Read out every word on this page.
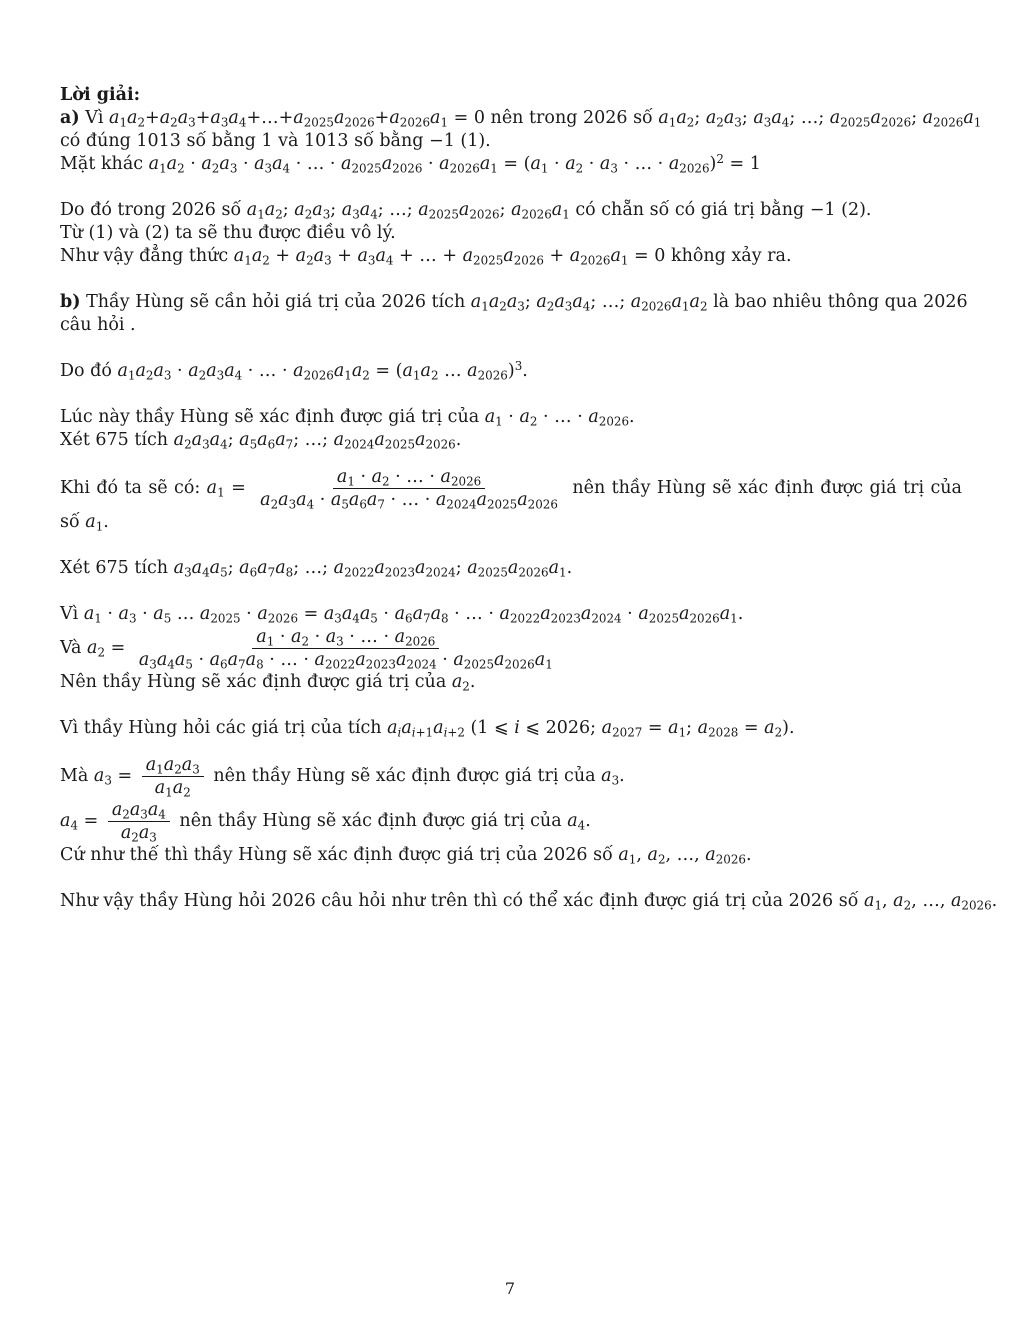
Lời giải:
a) Vì $a_1a_2+a_2a_3+a_3a_4+\dots+a_{2025}a_{2026}+a_{2026}a_1 = 0$ nên trong 2026 số $a_1a_2$; $a_2a_3$; $a_3a_4$; …; $a_{2025}a_{2026}$; $a_{2026}a_1$
có đúng 1013 số bằng 1 và 1013 số bằng −1 (1).
Mặt khác $a_1a_2 \cdot a_2a_3 \cdot a_3a_4$ · … · $a_{2025}a_{2026} \cdot a_{2026}a_1 = (a_1 \cdot a_2 \cdot a_3$ · … · $a_{2026})^2 = 1$
Do đó trong 2026 số $a_1a_2$; $a_2a_3$; $a_3a_4$; …; $a_{2025}a_{2026}$; $a_{2026}a_1$ có chẵn số có giá trị bằng −1 (2).
Từ (1) và (2) ta sẽ thu được điều vô lý.
Như vậy đẳng thức $a_1a_2 + a_2a_3 + a_3a_4$ + … + $a_{2025}a_{2026} + a_{2026}a_1 = 0$ không xảy ra.
b) Thầy Hùng sẽ cần hỏi giá trị của 2026 tích $a_1a_2a_3$; $a_2a_3a_4$; …; $a_{2026}a_1a_2$ là bao nhiêu thông qua 2026
câu hỏi .
Do đó $a_1a_2a_3 \cdot a_2a_3a_4$ · … · $a_{2026}a_1a_2 = (a_1a_2$ … $a_{2026})^3$.
Lúc này thầy Hùng sẽ xác định được giá trị của $a_1 \cdot a_2$ · … · $a_{2026}$.
Xét 675 tích $a_2a_3a_4$; $a_5a_6a_7$; …; $a_{2024}a_{2025}a_{2026}$.
Khi đó ta sẽ có: $a_1 = \frac{a_1 \cdot a_2 \cdot \dots \cdot a_{2026}}{a_2a_3a_4 \cdot a_5a_6a_7 \cdot \dots \cdot a_{2024}a_{2025}a_{2026}}$ nên thầy Hùng sẽ xác định được giá trị của
số $a_1$.
Xét 675 tích $a_3a_4a_5$; $a_6a_7a_8$; …; $a_{2022}a_{2023}a_{2024}$; $a_{2025}a_{2026}a_1$.
Vì $a_1 \cdot a_3 \cdot a_5$ … $a_{2025} \cdot a_{2026} = a_3a_4a_5 \cdot a_6a_7a_8$ · … · $a_{2022}a_{2023}a_{2024} \cdot a_{2025}a_{2026}a_1$.
Và $a_2 = \frac{a_1 \cdot a_2 \cdot a_3 \cdot \dots \cdot a_{2026}}{a_3a_4a_5 \cdot a_6a_7a_8 \cdot \dots \cdot a_{2022}a_{2023}a_{2024} \cdot a_{2025}a_{2026}a_1}$
Nên thầy Hùng sẽ xác định được giá trị của $a_2$.
Vì thầy Hùng hỏi các giá trị của tích $a_ia_{i+1}a_{i+2}$ (1 ⩽ i ⩽ 2026; $a_{2027} = a_1$; $a_{2028} = a_2$).
Mà $a_3 = \frac{a_1a_2a_3}{a_1a_2}$ nên thầy Hùng sẽ xác định được giá trị của $a_3$.
$a_4 = \frac{a_2a_3a_4}{a_2a_3}$ nên thầy Hùng sẽ xác định được giá trị của $a_4$.
Cứ như thế thì thầy Hùng sẽ xác định được giá trị của 2026 số $a_1$, $a_2$, …, $a_{2026}$.
Như vậy thầy Hùng hỏi 2026 câu hỏi như trên thì có thể xác định được giá trị của 2026 số $a_1$, $a_2$, …, $a_{2026}$.
7
